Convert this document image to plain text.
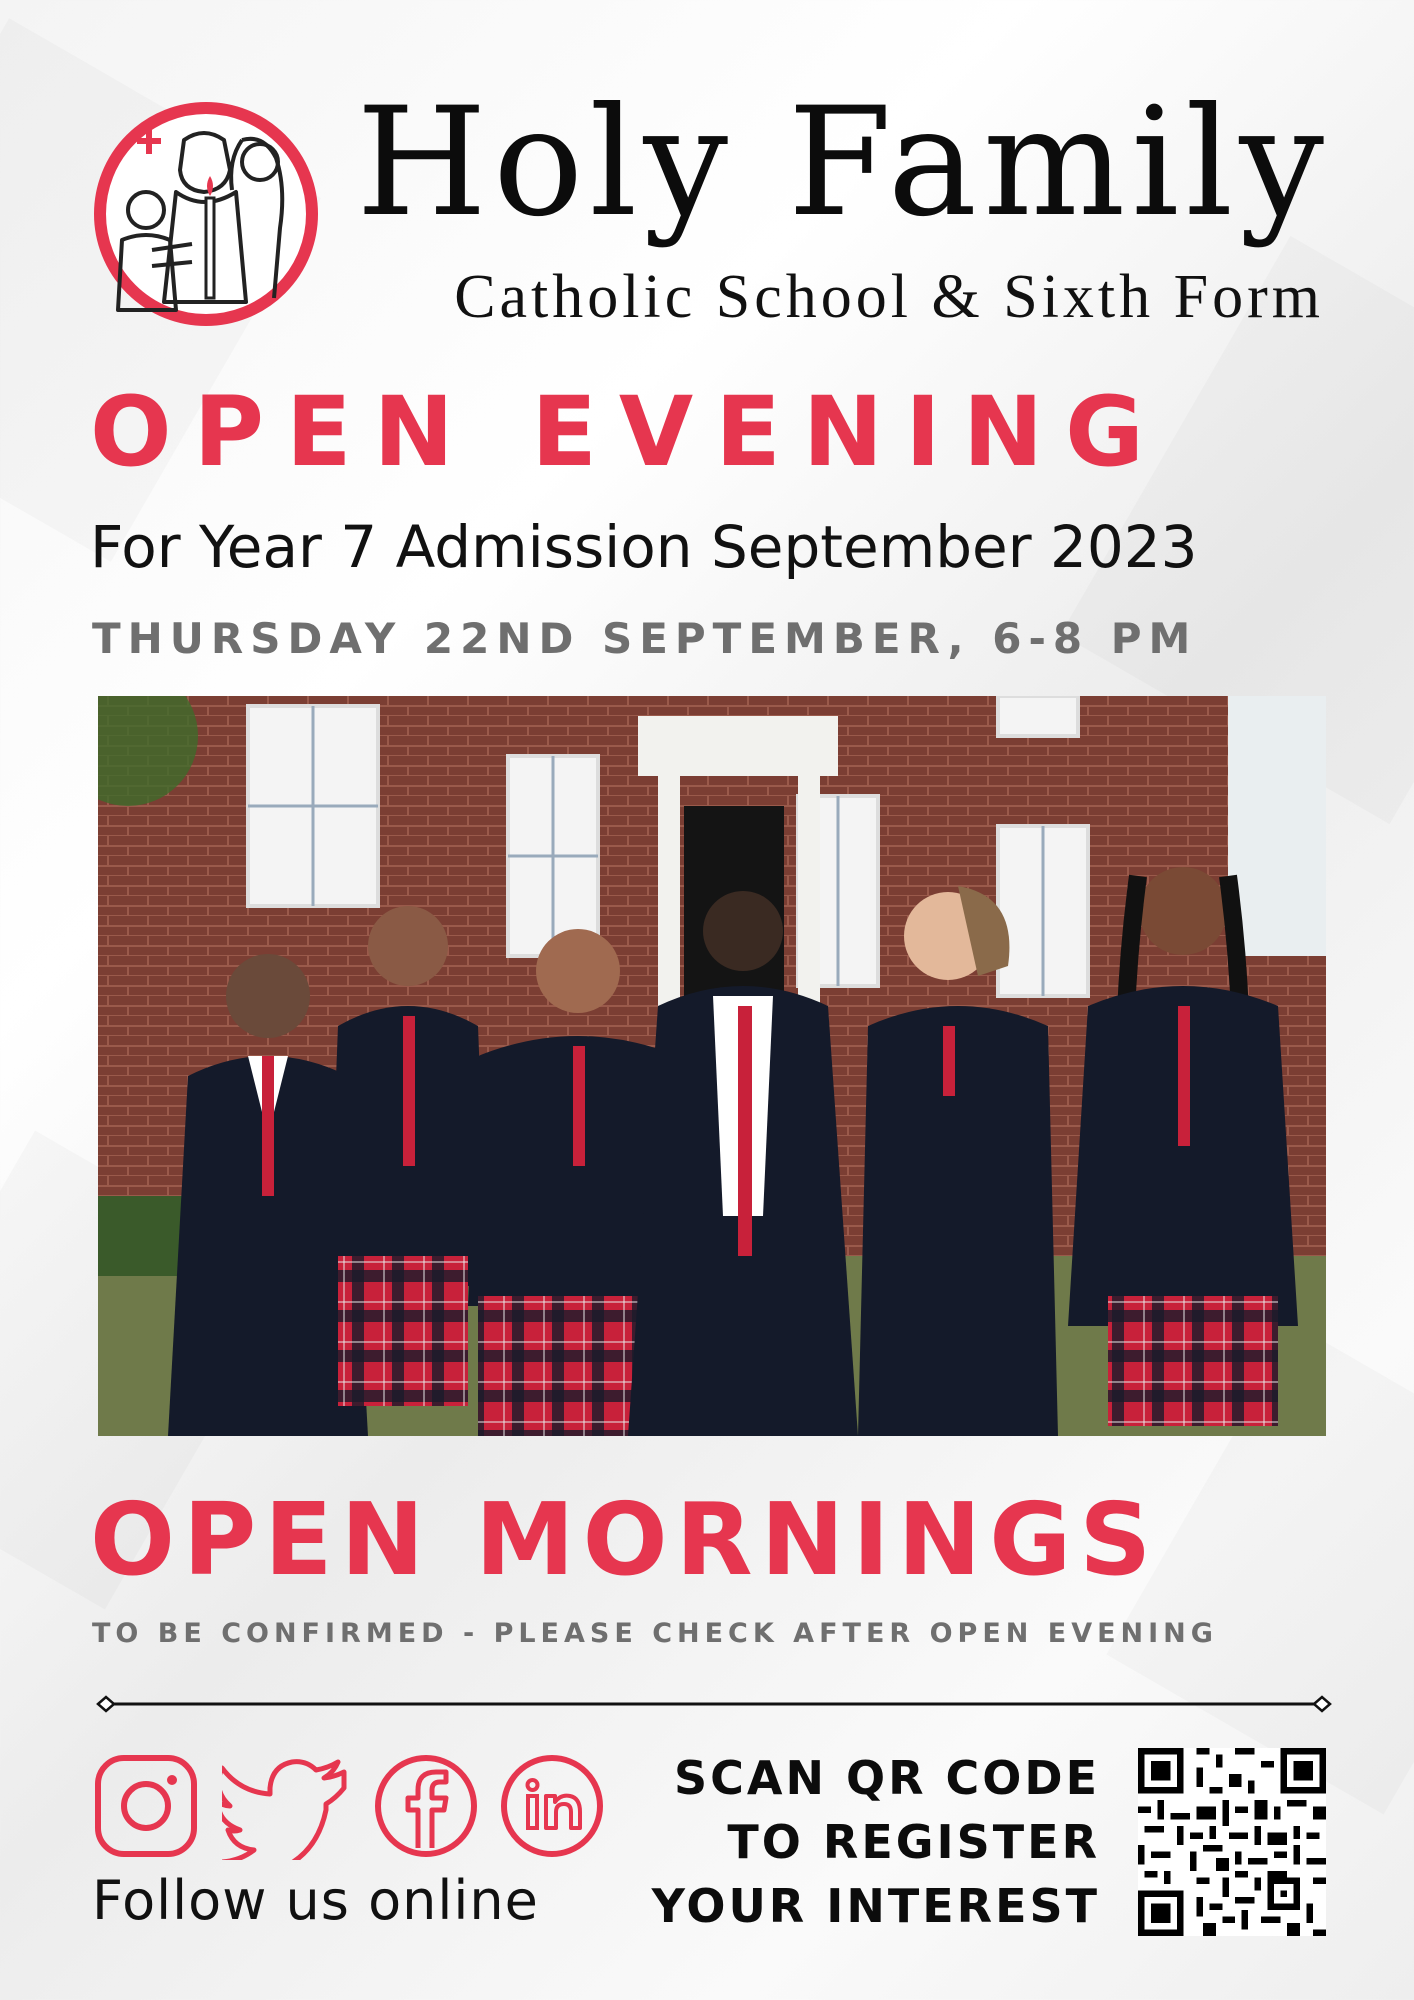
Holy Family
Catholic School & Sixth Form
OPEN EVENING
For Year 7 Admission September 2023
THURSDAY 22ND SEPTEMBER, 6-8 PM
OPEN MORNINGS
TO BE CONFIRMED - PLEASE CHECK AFTER OPEN EVENING
Follow us online
SCAN QR CODE
TO REGISTER
YOUR INTEREST
